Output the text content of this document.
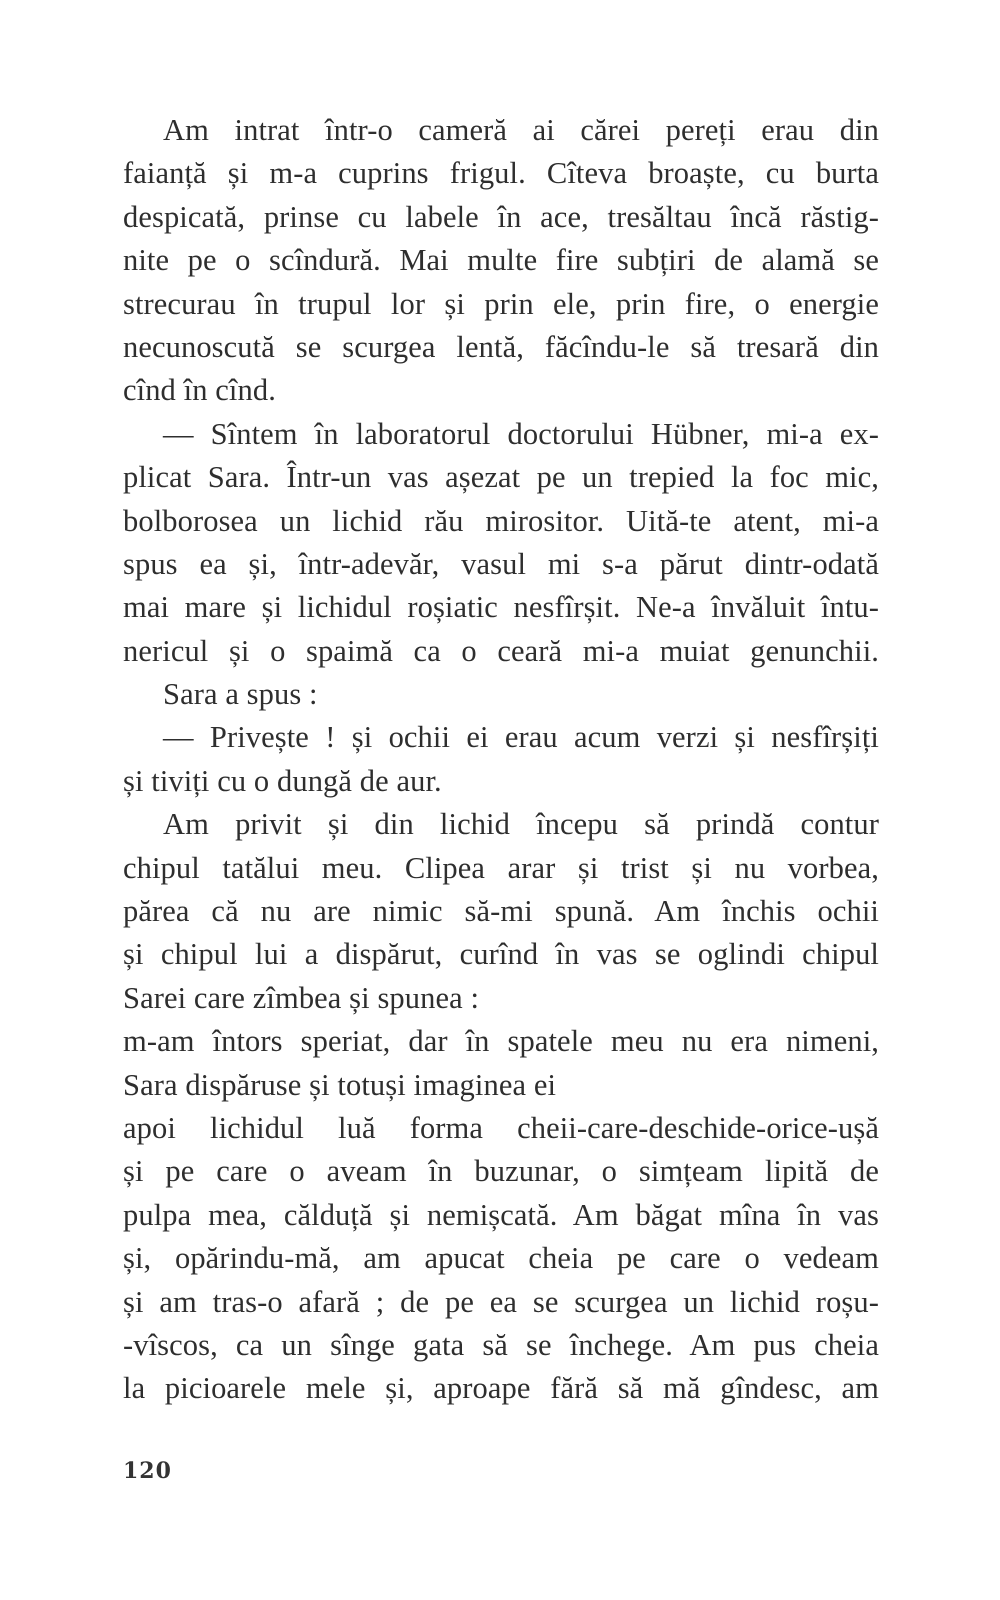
Am intrat într-o cameră ai cărei pereți erau din
faianță și m-a cuprins frigul. Cîteva broaște, cu burta
despicată, prinse cu labele în ace, tresăltau încă răstig-
nite pe o scîndură. Mai multe fire subțiri de alamă se
strecurau în trupul lor și prin ele, prin fire, o energie
necunoscută se scurgea lentă, făcîndu-le să tresară din
cînd în cînd.
— Sîntem în laboratorul doctorului Hübner, mi-a ex-
plicat Sara. Într-un vas așezat pe un trepied la foc mic,
bolborosea un lichid rău mirositor. Uită-te atent, mi-a
spus ea și, într-adevăr, vasul mi s-a părut dintr-odată
mai mare și lichidul roșiatic nesfîrșit. Ne-a învăluit întu-
nericul și o spaimă ca o ceară mi-a muiat genunchii.
Sara a spus :
— Privește ! și ochii ei erau acum verzi și nesfîrșiți
și tiviți cu o dungă de aur.
Am privit și din lichid începu să prindă contur
chipul tatălui meu. Clipea arar și trist și nu vorbea,
părea că nu are nimic să-mi spună. Am închis ochii
și chipul lui a dispărut, curînd în vas se oglindi chipul
Sarei care zîmbea și spunea :
m-am întors speriat, dar în spatele meu nu era nimeni,
Sara dispăruse și totuși imaginea ei
apoi lichidul luă forma cheii-care-deschide-orice-ușă
și pe care o aveam în buzunar, o simțeam lipită de
pulpa mea, călduță și nemișcată. Am băgat mîna în vas
și, opărindu-mă, am apucat cheia pe care o vedeam
și am tras-o afară ; de pe ea se scurgea un lichid roșu-
-vîscos, ca un sînge gata să se închege. Am pus cheia
la picioarele mele și, aproape fără să mă gîndesc, am
120
